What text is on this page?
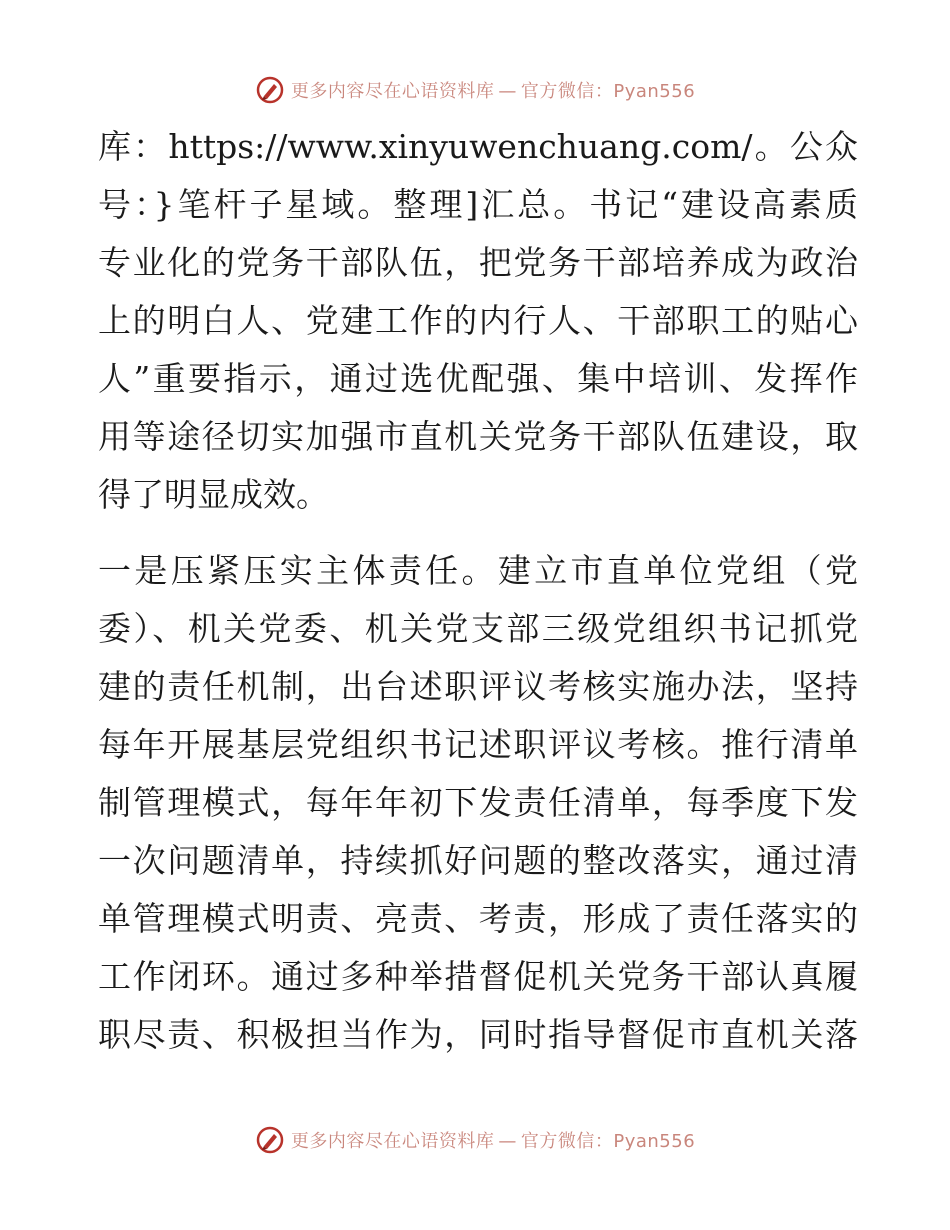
更多内容尽在心语资料库 — 官方微信：Pyan556
库：https://www.xinyuwenchuang.com/。公众
号：}笔杆子星域。整理]汇总。书记“建设高素质
专业化的党务干部队伍，把党务干部培养成为政治
上的明白人、党建工作的内行人、干部职工的贴心
人”重要指示，通过选优配强、集中培训、发挥作
用等途径切实加强市直机关党务干部队伍建设，取
得了明显成效。
一是压紧压实主体责任。建立市直单位党组（党
委）、机关党委、机关党支部三级党组织书记抓党
建的责任机制，出台述职评议考核实施办法，坚持
每年开展基层党组织书记述职评议考核。推行清单
制管理模式，每年年初下发责任清单，每季度下发
一次问题清单，持续抓好问题的整改落实，通过清
单管理模式明责、亮责、考责，形成了责任落实的
工作闭环。通过多种举措督促机关党务干部认真履
职尽责、积极担当作为，同时指导督促市直机关落
更多内容尽在心语资料库 — 官方微信：Pyan556
